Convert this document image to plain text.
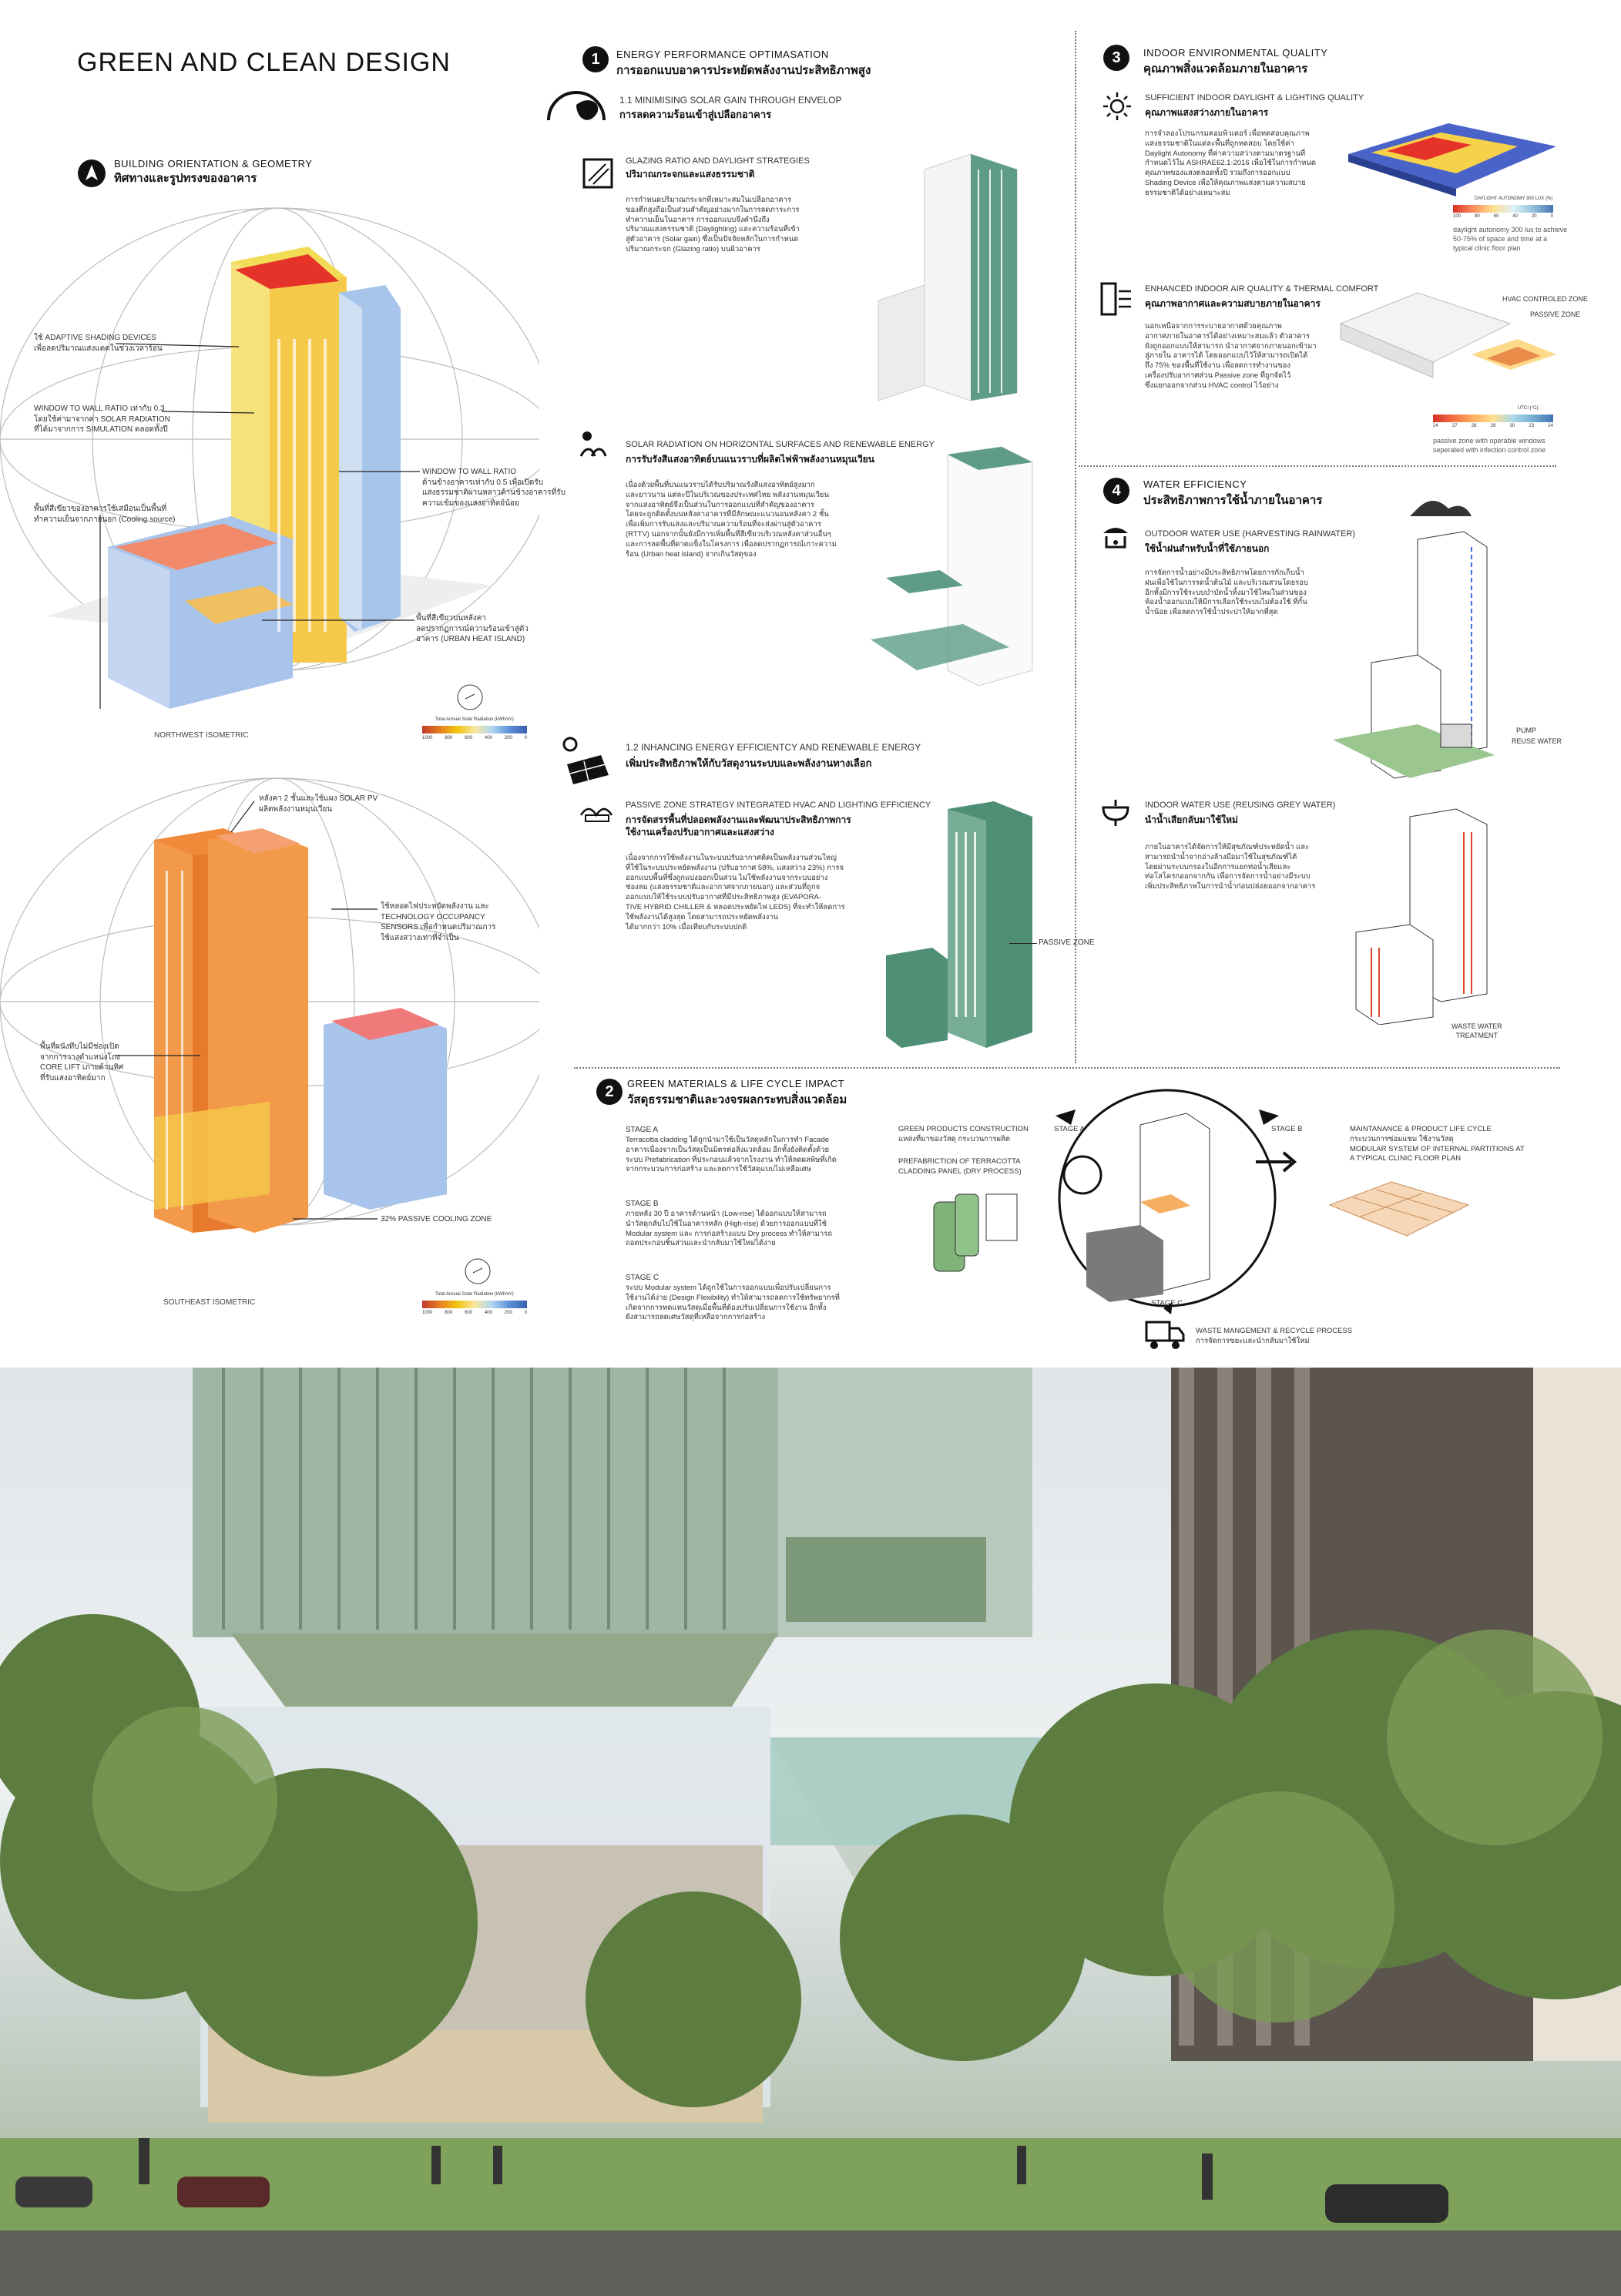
GREEN AND CLEAN DESIGN
BUILDING ORIENTATION & GEOMETRY
ทิศทางและรูปทรงของอาคาร
ใช้ ADAPTIVE SHADING DEVICES
เพื่อลดปริมาณแสงแดดในช่วงเวลาร้อน
WINDOW TO WALL RATIO เท่ากับ 0.3
โดยใช้ค่ามาจากค่า SOLAR RADIATION
ที่ได้มาจากการ SIMULATION ตลอดทั้งปี
WINDOW TO WALL RATIO
ด้านข้างอาคารเท่ากับ 0.5 เพื่อเปิดรับ
แสงธรรมชาติผ่านหลาวด้านข้างอาคารที่รับ
ความเข้มของแสงอาทิตย์น้อย
พื้นที่สีเขียวของอาคารใช้เสมือนเป็นพื้นที่
ทำความเย็นจากภายนอก (Cooling source)
พื้นที่สีเขียวบนหลังคา
ลดปรากฏการณ์ความร้อนเข้าสู่ตัว
อาคาร (URBAN HEAT ISLAND)
NORTHWEST ISOMETRIC
Total Annual Solar Radiation (kWh/m²)
1000	800	600	400	200	0
หลังคา 2 ชั้นและใช้แผง SOLAR PV
ผลิตพลังงานหมุนเวียน
ใช้หลอดไฟประหยัดพลังงาน และ
TECHNOLOGY OCCUPANCY
SENSORS เพื่อกำหนดปริมาณการ
ใช้แสงสว่างเท่าที่จำเป็น
พื้นที่ผนังทึบไม่มีช่องเปิด
จากการวางตำแหน่งโถง
CORE LIFT เภายด้านทิศ
ที่รับแสงอาทิตย์มาก
32% PASSIVE COOLING ZONE
SOUTHEAST ISOMETRIC
Total Annual Solar Radiation (kWh/m²)
1000	800	600	400	200	0
1	ENERGY PERFORMANCE OPTIMASATION
การออกแบบอาคารประหยัดพลังงานประสิทธิภาพสูง
1.1 MINIMISING SOLAR GAIN THROUGH ENVELOP
การลดความร้อนเข้าสู่เปลือกอาคาร
GLAZING RATIO AND DAYLIGHT STRATEGIES
ปริมาณกระจกและแสงธรรมชาติ
การกำหนดปริมาณกระจกที่เหมาะสมในเปลือกอาคาร
ของตึกสูงถือเป็นส่วนสำคัญอย่างมากในการลดภาระการ
ทำความเย็นในอาคาร การออกแบบจึงคำนึงถึง
ปริมาณแสงธรรมชาติ (Daylighting) และความร้อนที่เข้า
สู่ตัวอาคาร (Solar gain) ซึ่งเป็นปัจจัยหลักในการกำหนด
ปริมาณกระจก (Glazing ratio) บนผิวอาคาร
SOLAR RADIATION ON HORIZONTAL SURFACES AND RENEWABLE ENERGY
การรับรังสีแสงอาทิตย์บนแนวราบที่ผลิตไฟฟ้าพลังงานหมุนเวียน
เนื่องด้วยพื้นที่บนแนวราบได้รับปริมาณรังสีแสงอาทิตย์สูงมาก
และยาวนาน แต่ละปีในบริเวณของประเทศไทย พลังงานหมุนเวียน
จากแสงอาทิตย์จึงเป็นส่วนในการออกแบบที่สำคัญของอาคาร
โดยจะถูกติดตั้งบนหลังคาอาคารที่มีลักษณะแนวนอนหลังคา 2 ชั้น
เพื่อเพิ่มการรับแสงและปริมาณความร้อนที่จะส่งผ่านสู่ตัวอาคาร
(RTTV) นอกจากนั้นยังมีการเพิ่มพื้นที่สีเขียวบริเวณหลังคาส่วนอื่นๆ
และการลดพื้นที่ดาดแข็งในโครงการ เพื่อลดปรากฏการณ์เกาะความ
ร้อน (Urban heat island) จากเกินวัสดุของ
1.2 INHANCING ENERGY EFFICIENTCY AND RENEWABLE ENERGY
เพิ่มประสิทธิภาพให้กับวัสดุงานระบบและพลังงานทางเลือก
PASSIVE ZONE STRATEGY INTEGRATED HVAC AND LIGHTING EFFICIENCY
การจัดสรรพื้นที่ปลอดพลังงานและพัฒนาประสิทธิภาพการ
ใช้งานเครื่องปรับอากาศและแสงสว่าง
เนื่องจากการใช้พลังงานในระบบปรับอากาศคิดเป็นพลังงานส่วนใหญ่
ที่ใช้ในระบบประหยัดพลังงาน (ปรับอากาศ 58%, แสงสว่าง 23%) การจ
ออกแบบพื้นที่ซึ่งถูกแบ่งออกเป็นส่วน ไม่ใช้พลังงานจากระบบอย่าง
ช่องลม (แสงธรรมชาติและอากาศจากภายนอก) และส่วนที่ถูกจ
ออกแบบให้ใช้ระบบปรับอากาศที่มีประสิทธิภาพสูง (EVAPORA-
TIVE HYBRID CHILLER & หลอดประหยัดไฟ LEDS) ที่จะทำให้ลดการ
ใช้พลังงานได้สูงสุด โดยสามารถประหยัดพลังงาน
ได้มากกว่า 10% เมื่อเทียบกับระบบปกติ
PASSIVE ZONE
3	INDOOR ENVIRONMENTAL QUALITY
คุณภาพสิ่งแวดล้อมภายในอาคาร
SUFFICIENT INDOOR DAYLIGHT & LIGHTING QUALITY
คุณภาพแสงสว่างภายในอาคาร
การจำลองโปรแกรมคอมพิวเตอร์ เพื่อทดสอบคุณภาพ
แสงธรรมชาติในแต่ละพื้นที่ถูกทดสอบ โดยใช้ค่า
Daylight Autonomy ที่ค่าความสว่างตามมาตรฐานที่
กำหนดไว้ใน ASHRAE62.1-2016 เพื่อใช้ในการกำหนด
คุณภาพของแสงตลอดทั้งปี รวมถึงการออกแบบ
Shading Device เพื่อให้คุณภาพแสงตามความสบาย
ธรรมชาติได้อย่างเหมาะสม
DAYLIGHT AUTONOMY 300 LUX (%)
100	80	60	40	20	0
daylight autonomy 300 lux to achieve
50-75% of space and time at a
typical clinic floor plan
ENHANCED INDOOR AIR QUALITY & THERMAL COMFORT
คุณภาพอากาศและความสบายภายในอาคาร
นอกเหนือจากการระบายอากาศด้วยคุณภาพ
อากาศภายในอาคารได้อย่างเหมาะสมแล้ว ตัวอาคาร
ยังถูกออกแบบให้สามารถ นำอากาศจากภายนอกเข้ามา
สู่ภายใน อาคารได้ โดยออกแบบไว้ให้สามารถเปิดได้
ถึง 75% ของพื้นที่ใช้งาน เพื่อลดการทำงานของ
เครื่องปรับอากาศส่วน Passive zone ที่ถูกจัดไว้
ซึ่งแยกออกจากส่วน HVAC control ไว้อย่าง
HVAC CONTROLED ZONE
PASSIVE ZONE
UTCI (°C)
24	27	28	29	30	23	24
passive zone with operable windows
seperated with infection control zone
4	WATER EFFICIENCY
ประสิทธิภาพการใช้น้ำภายในอาคาร
OUTDOOR WATER USE (HARVESTING RAINWATER)
ใช้น้ำฝนสำหรับน้ำที่ใช้ภายนอก
การจัดการน้ำอย่างมีประสิทธิภาพโดยการกักเก็บน้ำ
ฝนเพื่อใช้ในการรดน้ำต้นไม้ และบริเวณสวนโดยรอบ
อีกทั้งมีการใช้ระบบบำบัดน้ำทิ้งมาใช้ใหม่ในส่วนของ
ห้องน้ำออกแบบให้มีการเลือกใช้ระบบไม่ต้องใช้ ที่กั้น
น้ำน้อย เพื่อลดการใช้น้ำประปาให้มากที่สุด
PUMP
REUSE WATER
INDOOR WATER USE (REUSING GREY WATER)
นำน้ำเสียกลับมาใช้ใหม่
ภายในอาคารได้จัดการให้มีสุขภัณฑ์ประหยัดน้ำ และ
สามารถนำน้ำจากอ่างล้างมือมาใช้ในสุขภัณฑ์ได้
โดยผ่านระบบกรองในอีกการแยกท่อน้ำเสียและ
ท่อโสโครกออกจากกัน เพื่อการจัดการน้ำอย่างมีระบบ
เพิ่มประสิทธิภาพในการนำน้ำก่อนปล่อยออกจากอาคาร
WASTE WATER
TREATMENT
2	GREEN MATERIALS & LIFE CYCLE IMPACT
วัสดุธรรมชาติและวงจรผลกระทบสิ่งแวดล้อม
STAGE A
Terracotta cladding ได้ถูกนำมาใช้เป็นวัสดุหลักในการทำ Facade
อาคารเนื่องจากเป็นวัสดุเป็นมิตรต่อสิ่งแวดล้อม อีกทั้งยังติดตั้งด้วย
ระบบ Prefabrication ที่ประกอบแล้วจากโรงงาน ทำให้ลดผลพิษที่เกิด
จากกระบวนการก่อสร้าง และลดการใช้วัสดุแบบไม่เหลือเศษ
STAGE B
ภายหลัง 30 ปี อาคารด้านหน้า (Low-rise) ได้ออกแบบให้สามารถ
นำวัสดุกลับไปใช้ในอาคารหลัก (High-rise) ด้วยการออกแบบที่ใช้
Modular system และ การก่อสร้างแบบ Dry process ทำให้สามารถ
ถอดประกอบชิ้นส่วนและนำกลับมาใช้ใหม่ได้ง่าย
STAGE C
ระบบ Modular system ได้ถูกใช้ในการออกแบบเพื่อปรับเปลี่ยนการ
ใช้งานได้ง่าย (Design Flexibility) ทำให้สามารถลดการใช้ทรัพยากรที่
เกิดจากการทดแทนวัสดุเมื่อพื้นที่ต้องปรับเปลี่ยนการใช้งาน อีกทั้ง
ยังสามารถลดเศษวัสดุที่เหลือจากการก่อสร้าง
GREEN PRODUCTS CONSTRUCTION
แหล่งที่มาของวัสดุ กระบวนการผลิต
PREFABRICTION OF TERRACOTTA
CLADDING PANEL (DRY PROCESS)
STAGE A	STAGE B
STAGE C
MAINTANANCE & PRODUCT LIFE CYCLE
กระบวนการซ่อมแซม ใช้งานวัสดุ
MODULAR SYSTEM OF INTERNAL PARTITIONS AT
A TYPICAL CLINIC FLOOR PLAN
WASTE MANGEMENT & RECYCLE PROCESS
การจัดการขยะและนำกลับมาใช้ใหม่
